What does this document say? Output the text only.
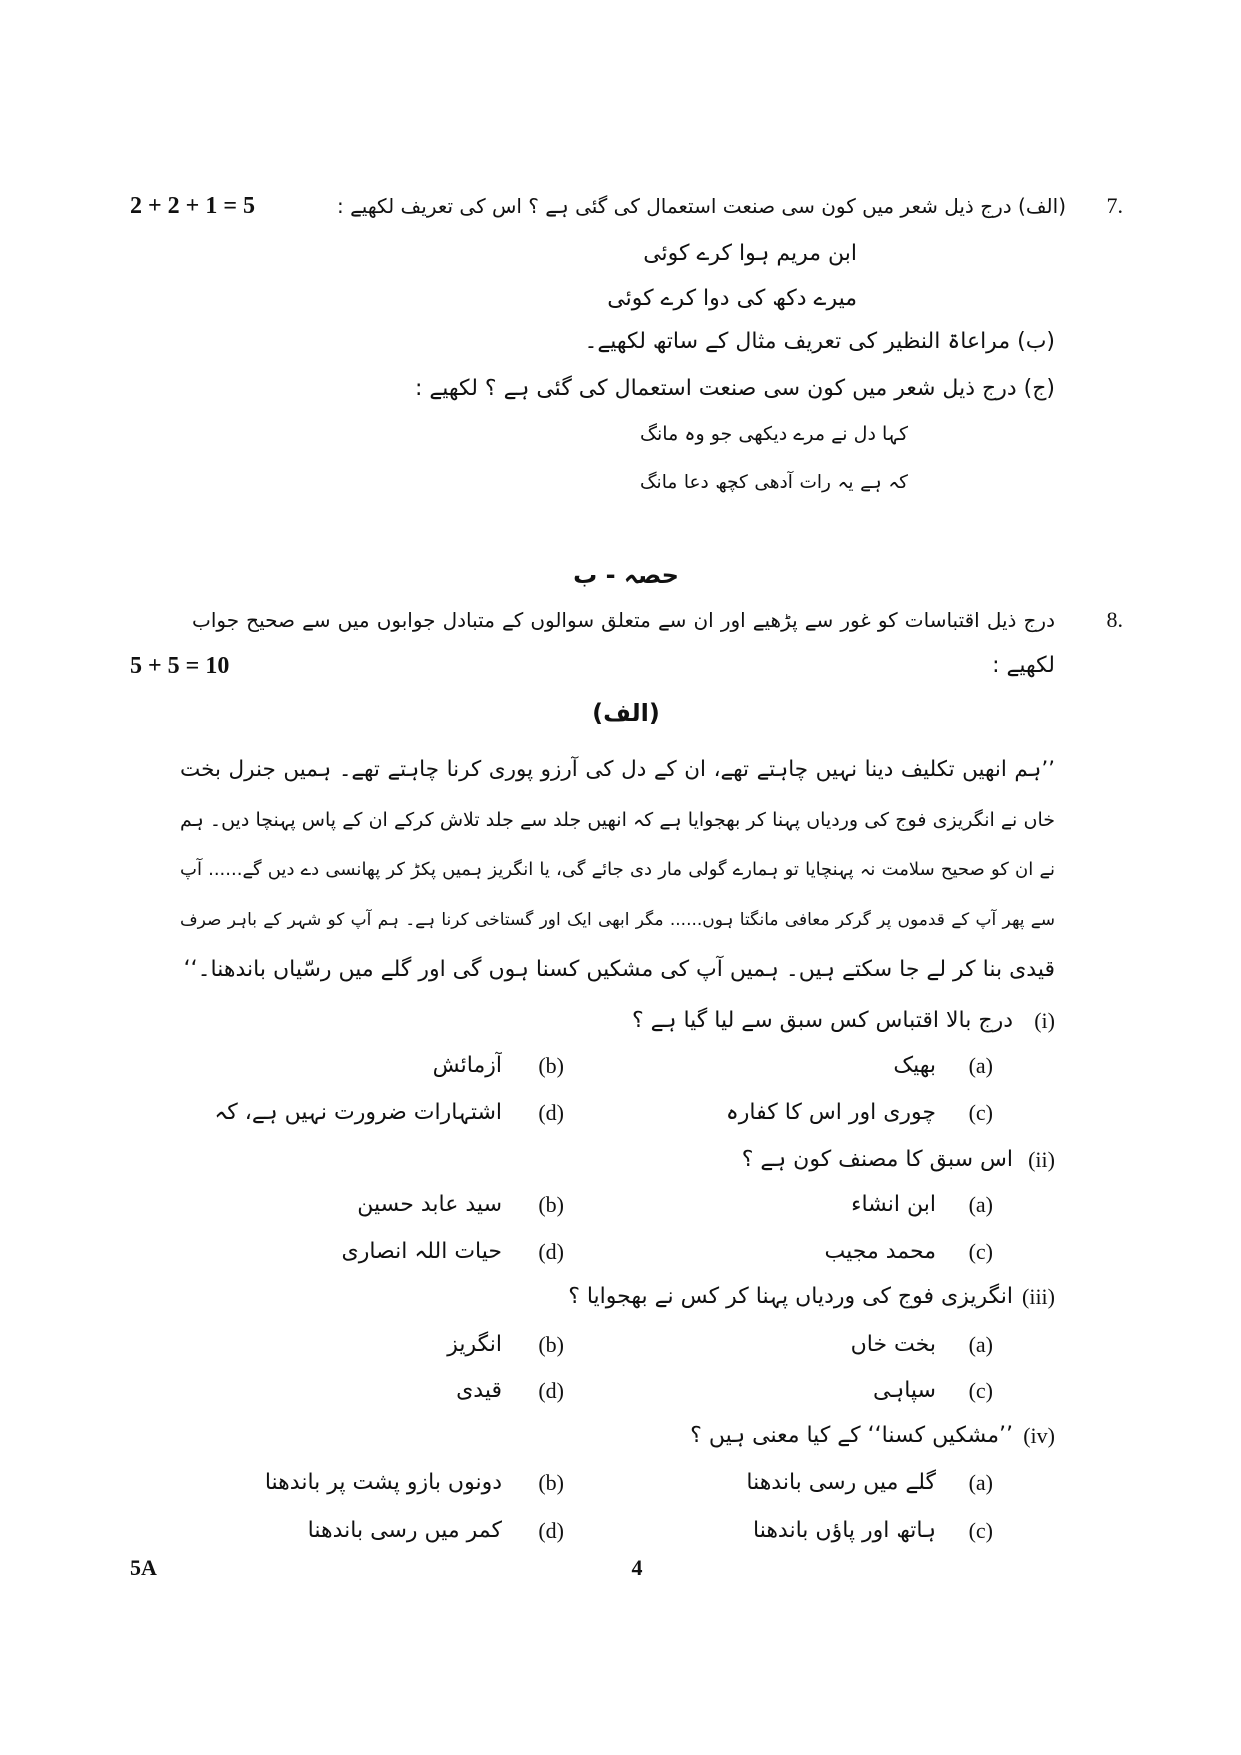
2 + 2 + 1 = 5	7.
(الف) درج ذیل شعر میں کون سی صنعت استعمال کی گئی ہے ؟ اس کی تعریف لکھیے :
ابن مریم ہوا کرے کوئی
میرے دکھ کی دوا کرے کوئی
(ب) مراعاۃ النظیر کی تعریف مثال کے ساتھ لکھیے۔
(ج) درج ذیل شعر میں کون سی صنعت استعمال کی گئی ہے ؟ لکھیے :
کہا دل نے مرے دیکھی جو وہ مانگ
کہ ہے یہ رات آدھی کچھ دعا مانگ
حصہ - ب
8.
درج ذیل اقتباسات کو غور سے پڑھیے اور ان سے متعلق سوالوں کے متبادل جوابوں میں سے صحیح جواب
لکھیے :
5 + 5 = 10
(الف)
’’ہم انھیں تکلیف دینا نہیں چاہتے تھے، ان کے دل کی آرزو پوری کرنا چاہتے تھے۔ ہمیں جنرل بخت
خاں نے انگریزی فوج کی وردیاں پہنا کر بھجوایا ہے کہ انھیں جلد سے جلد تلاش کرکے ان کے پاس پہنچا دیں۔ ہم
نے ان کو صحیح سلامت نہ پہنچایا تو ہمارے گولی مار دی جائے گی، یا انگریز ہمیں پکڑ کر پھانسی دے دیں گے...... آپ
سے پھر آپ کے قدموں پر گرکر معافی مانگتا ہوں...... مگر ابھی ایک اور گستاخی کرنا ہے۔ ہم آپ کو شہر کے باہر صرف
قیدی بنا کر لے جا سکتے ہیں۔ ہمیں آپ کی مشکیں کسنا ہوں گی اور گلے میں رسّیاں باندھنا۔‘‘
(i)
درج بالا اقتباس کس سبق سے لیا گیا ہے ؟
(a)
بھیک
(b)
آزمائش
(c)
چوری اور اس کا کفارہ
(d)
اشتہارات ضرورت نہیں ہے، کہ
(ii)
اس سبق کا مصنف کون ہے ؟
(a)
ابن انشاء
(b)
سید عابد حسین
(c)
محمد مجیب
(d)
حیات اللہ انصاری
(iii)
انگریزی فوج کی وردیاں پہنا کر کس نے بھجوایا ؟
(a)
بخت خاں
(b)
انگریز
(c)
سپاہی
(d)
قیدی
(iv)
’’مشکیں کسنا‘‘ کے کیا معنی ہیں ؟
(a)
گلے میں رسی باندھنا
(b)
دونوں بازو پشت پر باندھنا
(c)
ہاتھ اور پاؤں باندھنا
(d)
کمر میں رسی باندھنا
5A	4
